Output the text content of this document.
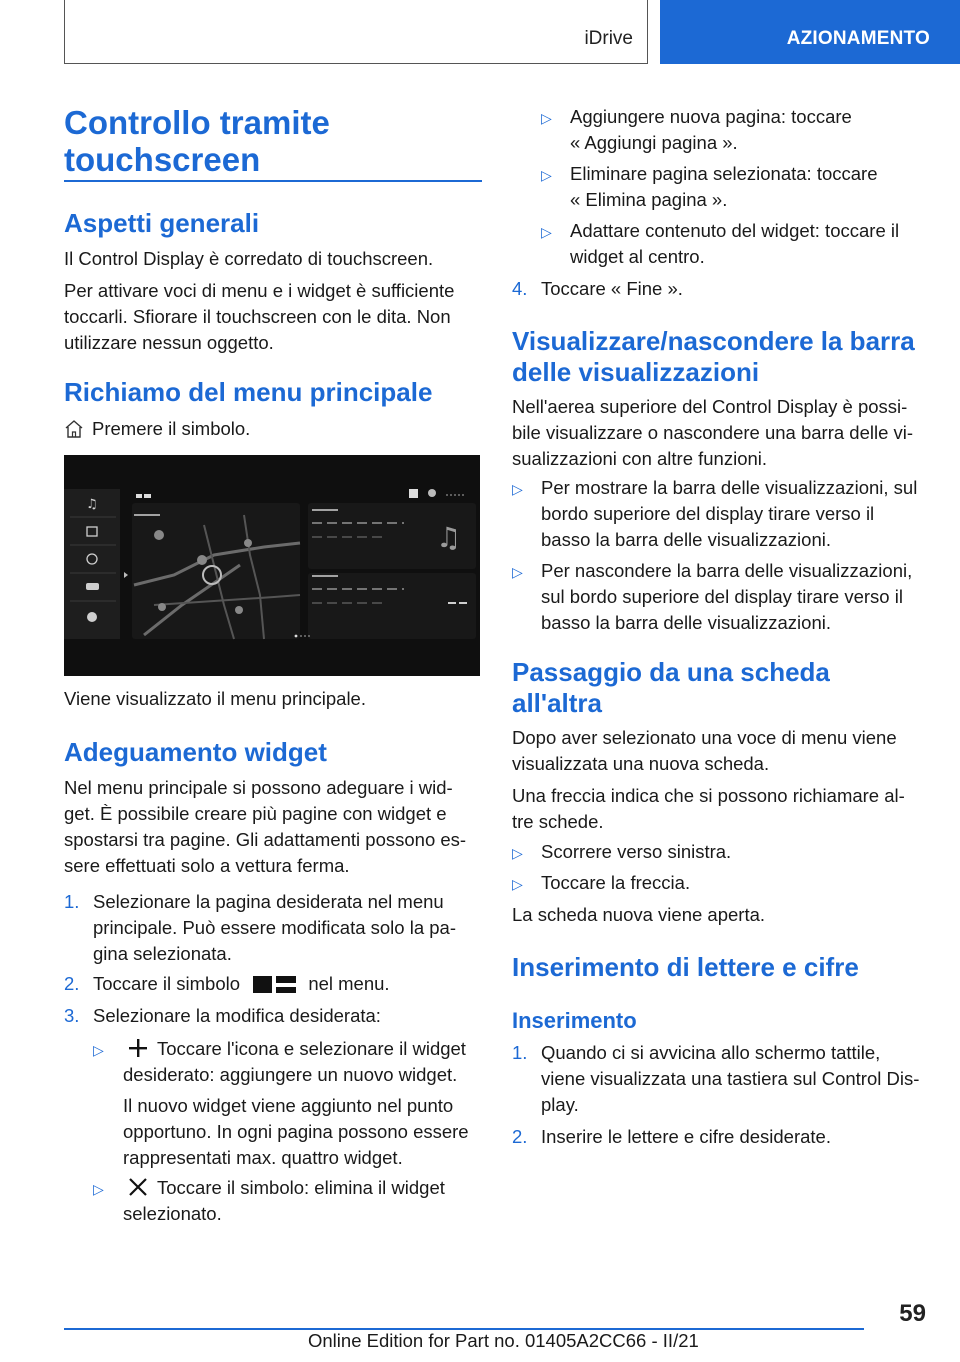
iDrive	AZIONAMENTO
Controllo tramite
touchscreen
Aspetti generali
Il Control Display è corredato di touchscreen.
Per attivare voci di menu e i widget è sufficiente
toccarli. Sfiorare il touchscreen con le dita. Non
utilizzare nessun oggetto.
Richiamo del menu principale
Premere il simbolo.
Viene visualizzato il menu principale.
Adeguamento widget
Nel menu principale si possono adeguare i wid‐
get. È possibile creare più pagine con widget e
spostarsi tra pagine. Gli adattamenti possono es‐
sere effettuati solo a vettura ferma.
1. Selezionare la pagina desiderata nel menu
principale. Può essere modificata solo la pa‐
gina selezionata.
2. Toccare il simbolo	nel menu.
3. Selezionare la modifica desiderata:
▷	Toccare l'icona e selezionare il widget
desiderato: aggiungere un nuovo widget.
Il nuovo widget viene aggiunto nel punto
opportuno. In ogni pagina possono essere
rappresentati max. quattro widget.
▷	Toccare il simbolo: elimina il widget
selezionato.
♫
♫
▷ Aggiungere nuova pagina: toccare
« Aggiungi pagina ».
▷ Eliminare pagina selezionata: toccare
« Elimina pagina ».
▷ Adattare contenuto del widget: toccare il
widget al centro.
4. Toccare « Fine ».
Visualizzare/nascondere la barra
delle visualizzazioni
Nell'aerea superiore del Control Display è possi‐
bile visualizzare o nascondere una barra delle vi‐
sualizzazioni con altre funzioni.
▷ Per mostrare la barra delle visualizzazioni, sul
bordo superiore del display tirare verso il
basso la barra delle visualizzazioni.
▷ Per nascondere la barra delle visualizzazioni,
sul bordo superiore del display tirare verso il
basso la barra delle visualizzazioni.
Passaggio da una scheda
all'altra
Dopo aver selezionato una voce di menu viene
visualizzata una nuova scheda.
Una freccia indica che si possono richiamare al‐
tre schede.
▷ Scorrere verso sinistra.
▷ Toccare la freccia.
La scheda nuova viene aperta.
Inserimento di lettere e cifre
Inserimento
1. Quando ci si avvicina allo schermo tattile,
viene visualizzata una tastiera sul Control Dis‐
play.
2. Inserire le lettere e cifre desiderate.
59
Online Edition for Part no. 01405A2CC66 - II/21
